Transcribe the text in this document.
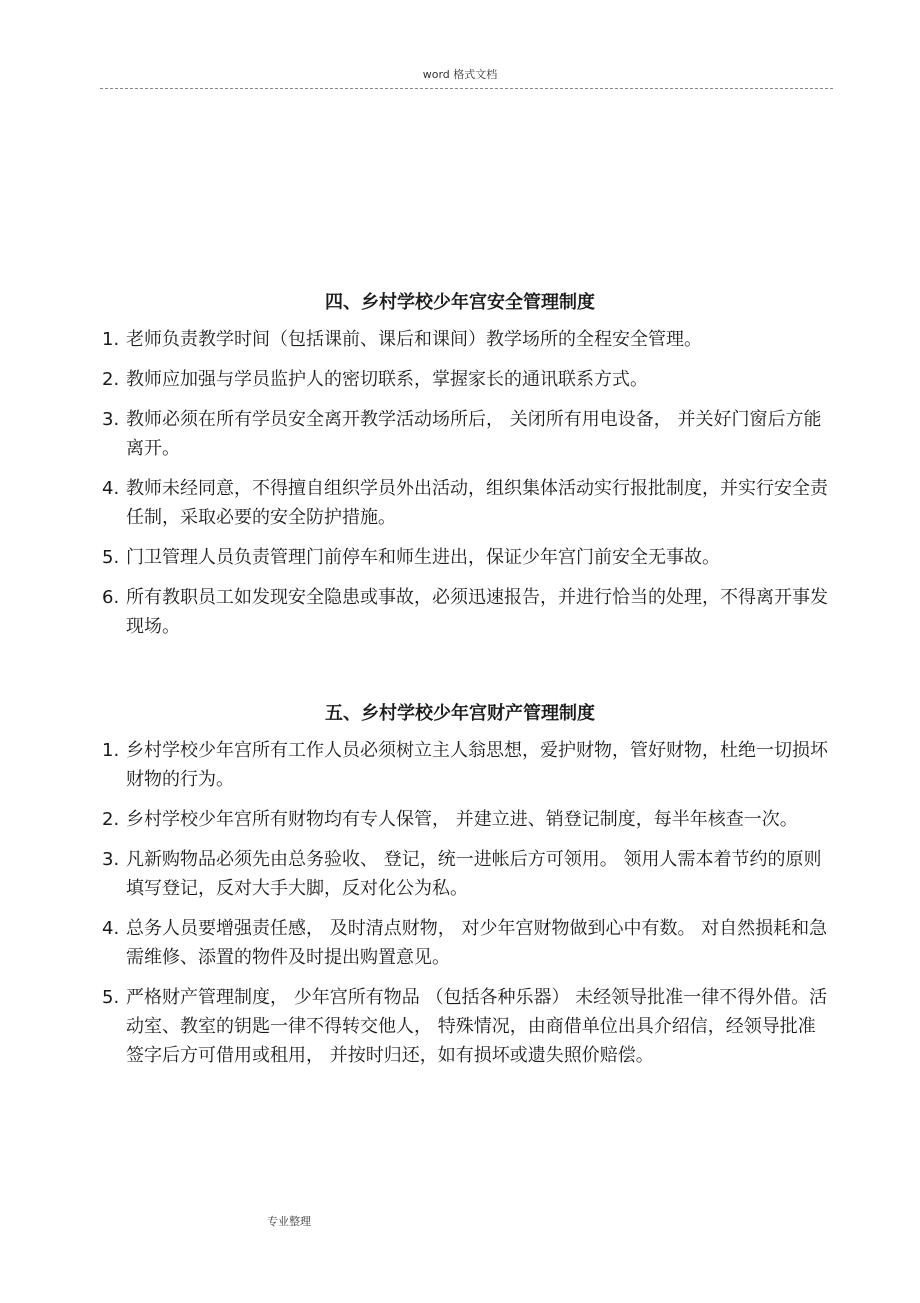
word 格式文档
四、乡村学校少年宫安全管理制度
1. 老师负责教学时间（包括课前、课后和课间）教学场所的全程安全管理。
2. 教师应加强与学员监护人的密切联系，掌握家长的通讯联系方式。
3. 教师必须在所有学员安全离开教学活动场所后， 关闭所有用电设备， 并关好门窗后方能离开。
4. 教师未经同意，不得擅自组织学员外出活动，组织集体活动实行报批制度，并实行安全责任制，采取必要的安全防护措施。
5. 门卫管理人员负责管理门前停车和师生进出，保证少年宫门前安全无事故。
6. 所有教职员工如发现安全隐患或事故，必须迅速报告，并进行恰当的处理，不得离开事发现场。
五、乡村学校少年宫财产管理制度
1. 乡村学校少年宫所有工作人员必须树立主人翁思想，爱护财物，管好财物，杜绝一切损坏财物的行为。
2. 乡村学校少年宫所有财物均有专人保管， 并建立进、销登记制度，每半年核查一次。
3. 凡新购物品必须先由总务验收、 登记，统一进帐后方可领用。 领用人需本着节约的原则填写登记，反对大手大脚，反对化公为私。
4. 总务人员要增强责任感， 及时清点财物， 对少年宫财物做到心中有数。 对自然损耗和急需维修、添置的物件及时提出购置意见。
5. 严格财产管理制度， 少年宫所有物品 （包括各种乐器） 未经领导批准一律不得外借。活动室、教室的钥匙一律不得转交他人， 特殊情况，由商借单位出具介绍信，经领导批准签字后方可借用或租用， 并按时归还，如有损坏或遗失照价赔偿。
专业整理
